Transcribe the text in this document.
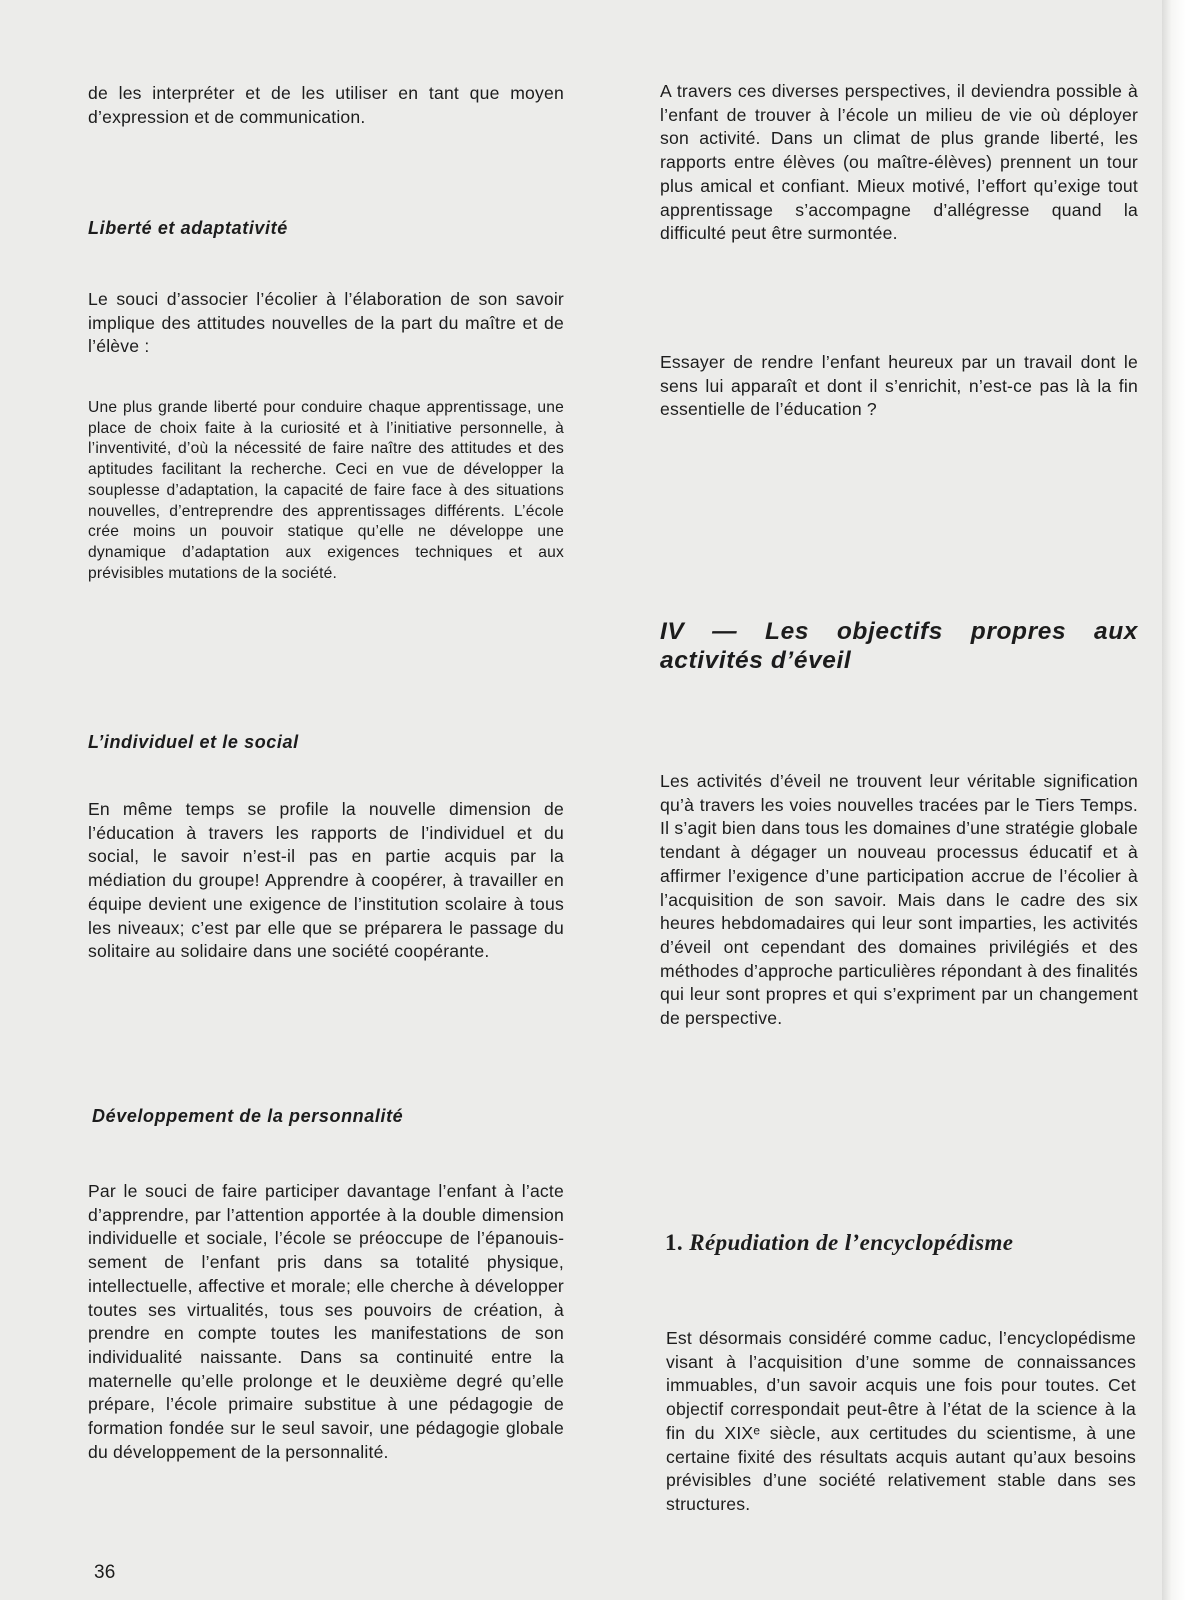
de les interpréter et de les utiliser en tant que moyen d’expression et de communication.

Liberté et adaptativité

Le souci d’associer l’écolier à l’élaboration de son savoir implique des attitudes nouvelles de la part du maître et de l’élève :

Une plus grande liberté pour conduire chaque apprentissage, une place de choix faite à la curiosité et à l’initiative personnelle, à l’inventivité, d’où la nécessité de faire naître des attitudes et des aptitudes facilitant la recherche. Ceci en vue de développer la souplesse d’adaptation, la capacité de faire face à des situations nouvelles, d’entreprendre des apprentissages différents. L’école crée moins un pouvoir statique qu’elle ne développe une dynamique d’adaptation aux exigences techniques et aux prévisibles mutations de la société.

L’individuel et le social

En même temps se profile la nouvelle dimension de l’éducation à travers les rapports de l’individuel et du social, le savoir n’est-il pas en partie acquis par la médiation du groupe! Apprendre à coopérer, à travailler en équipe devient une exigence de l’institution scolaire à tous les niveaux; c’est par elle que se préparera le passage du solitaire au solidaire dans une société coopérante.

Développement de la personnalité

Par le souci de faire participer davantage l’enfant à l’acte d’apprendre, par l’attention apportée à la double dimension individuelle et sociale, l’école se préoccupe de l’épanouissement de l’enfant pris dans sa totalité physique, intellectuelle, affective et morale; elle cherche à développer toutes ses virtualités, tous ses pouvoirs de création, à prendre en compte toutes les manifestations de son individualité naissante. Dans sa continuité entre la maternelle qu’elle prolonge et le deuxième degré qu’elle prépare, l’école primaire substitue à une pédagogie de formation fondée sur le seul savoir, une pédagogie globale du développement de la personnalité.

36

A travers ces diverses perspectives, il deviendra possible à l’enfant de trouver à l’école un milieu de vie où déployer son activité. Dans un climat de plus grande liberté, les rapports entre élèves (ou maître-élèves) prennent un tour plus amical et confiant. Mieux motivé, l’effort qu’exige tout apprentissage s’accompagne d’allégresse quand la difficulté peut être surmontée.

Essayer de rendre l’enfant heureux par un travail dont le sens lui apparaît et dont il s’enrichit, n’est-ce pas là la fin essentielle de l’éducation ?

IV — Les objectifs propres aux activités d’éveil

Les activités d’éveil ne trouvent leur véritable signification qu’à travers les voies nouvelles tracées par le Tiers Temps. Il s’agit bien dans tous les domaines d’une stratégie globale tendant à dégager un nouveau processus éducatif et à affirmer l’exigence d’une participation accrue de l’écolier à l’acquisition de son savoir. Mais dans le cadre des six heures hebdomadaires qui leur sont imparties, les activités d’éveil ont cependant des domaines privilégiés et des méthodes d’approche particulières répondant à des finalités qui leur sont propres et qui s’expriment par un changement de perspective.

1. Répudiation de l’encyclopédisme

Est désormais considéré comme caduc, l’encyclopédisme visant à l’acquisition d’une somme de connaissances immuables, d’un savoir acquis une fois pour toutes. Cet objectif correspondait peut-être à l’état de la science à la fin du XIXᵉ siècle, aux certitudes du scientisme, à une certaine fixité des résultats acquis autant qu’aux besoins prévisibles d’une société relativement stable dans ses structures.
